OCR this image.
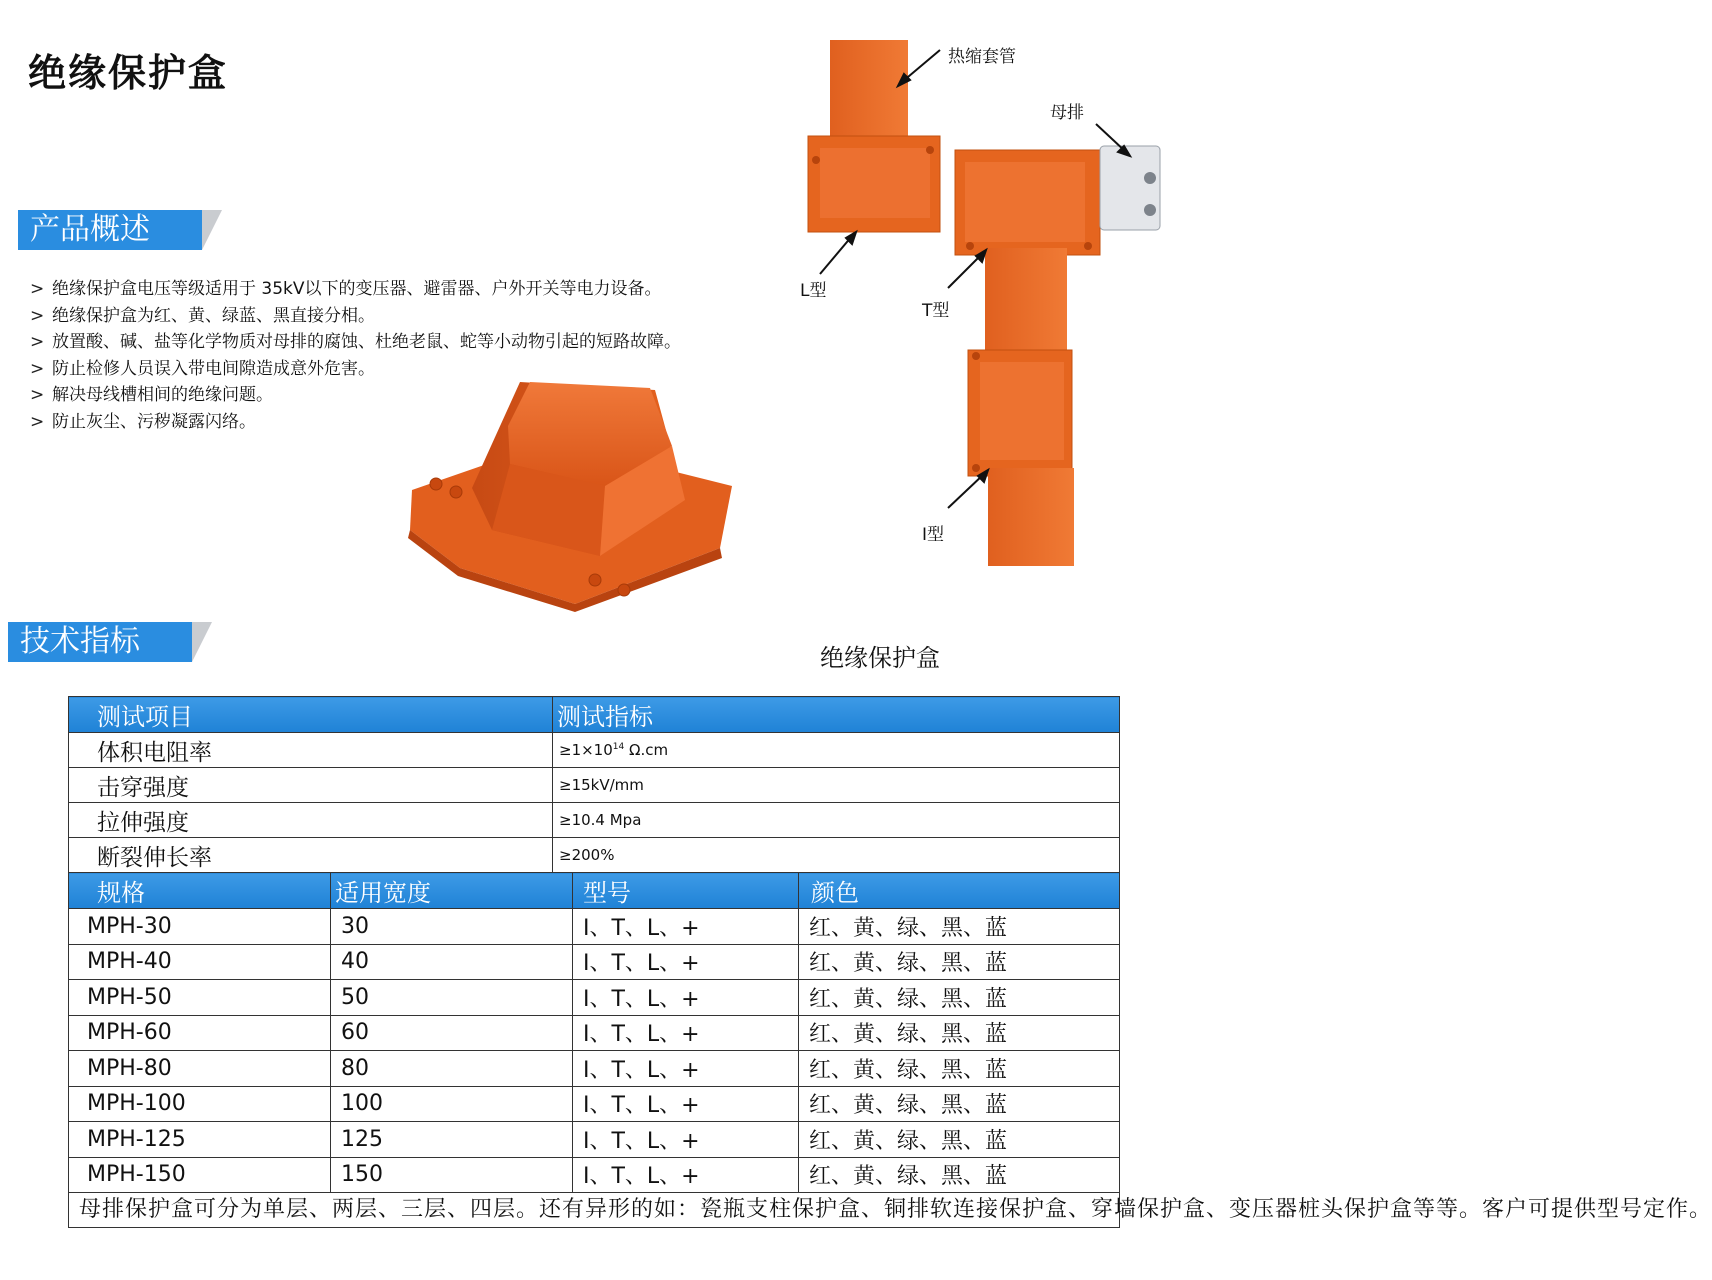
绝缘保护盒
产品概述
> 绝缘保护盒电压等级适用于 35kV以下的变压器、避雷器、户外开关等电力设备。
> 绝缘保护盒为红、黄、绿蓝、黑直接分相。
> 放置酸、碱、盐等化学物质对母排的腐蚀、杜绝老鼠、蛇等小动物引起的短路故障。
> 防止检修人员误入带电间隙造成意外危害。
> 解决母线槽相间的绝缘问题。
> 防止灰尘、污秽凝露闪络。
热缩套管
母排
L型
T型
I型
绝缘保护盒
技术指标
测试项目		测试指标		
体积电阻率		$\ge 1\times 10^{14}$ Ω.cm		
击穿强度		≥15kV/mm		
拉伸强度		≥10.4 Mpa		
断裂伸长率		≥200%		
规格	适用宽度		型号	颜色
MPH-30	30		I、T、L、+	红、黄、绿、黑、蓝
MPH-40	40		I、T、L、+	红、黄、绿、黑、蓝
MPH-50	50		I、T、L、+	红、黄、绿、黑、蓝
MPH-60	60		I、T、L、+	红、黄、绿、黑、蓝
MPH-80	80		I、T、L、+	红、黄、绿、黑、蓝
MPH-100	100		I、T、L、+	红、黄、绿、黑、蓝
MPH-125	125		I、T、L、+	红、黄、绿、黑、蓝
MPH-150	150		I、T、L、+	红、黄、绿、黑、蓝
母排保护盒可分为单层、两层、三层、四层。还有异形的如：瓷瓶支柱保护盒、铜排软连接保护盒、穿墙保护盒、变压器桩头保护盒等等。客户可提供型号定作。				
